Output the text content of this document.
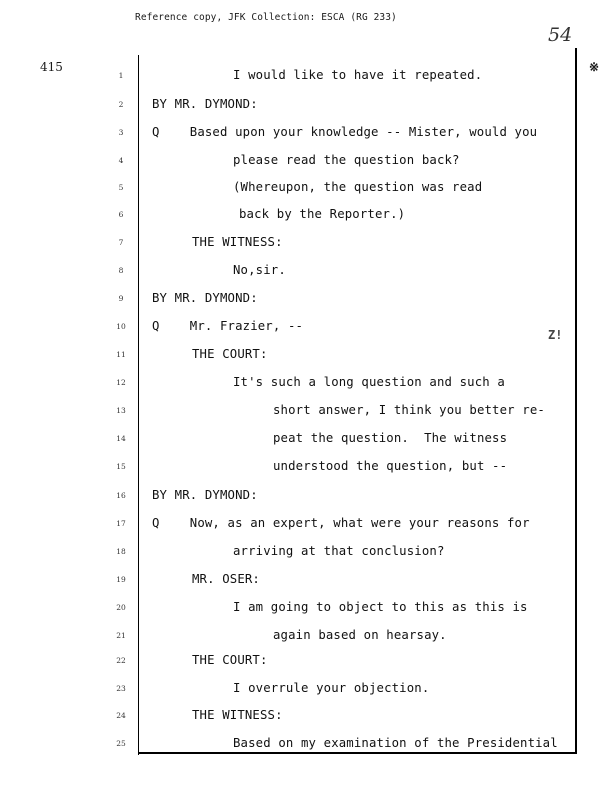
Reference copy, JFK Collection: ESCA (RG 233)
54
415	※
Z!
1	I would like to have it repeated.
2	BY MR. DYMOND:
3	Q    Based upon your knowledge -- Mister, would you
4	please read the question back?
5	(Whereupon, the question was read
6	back by the Reporter.)
7	THE WITNESS:
8	No,sir.
9	BY MR. DYMOND:
10	Q    Mr. Frazier, --
11	THE COURT:
12	It's such a long question and such a
13	short answer, I think you better re-
14	peat the question.  The witness
15	understood the question, but --
16	BY MR. DYMOND:
17	Q    Now, as an expert, what were your reasons for
18	arriving at that conclusion?
19	MR. OSER:
20	I am going to object to this as this is
21	again based on hearsay.
22	THE COURT:
23	I overrule your objection.
24	THE WITNESS:
25	Based on my examination of the Presidential
